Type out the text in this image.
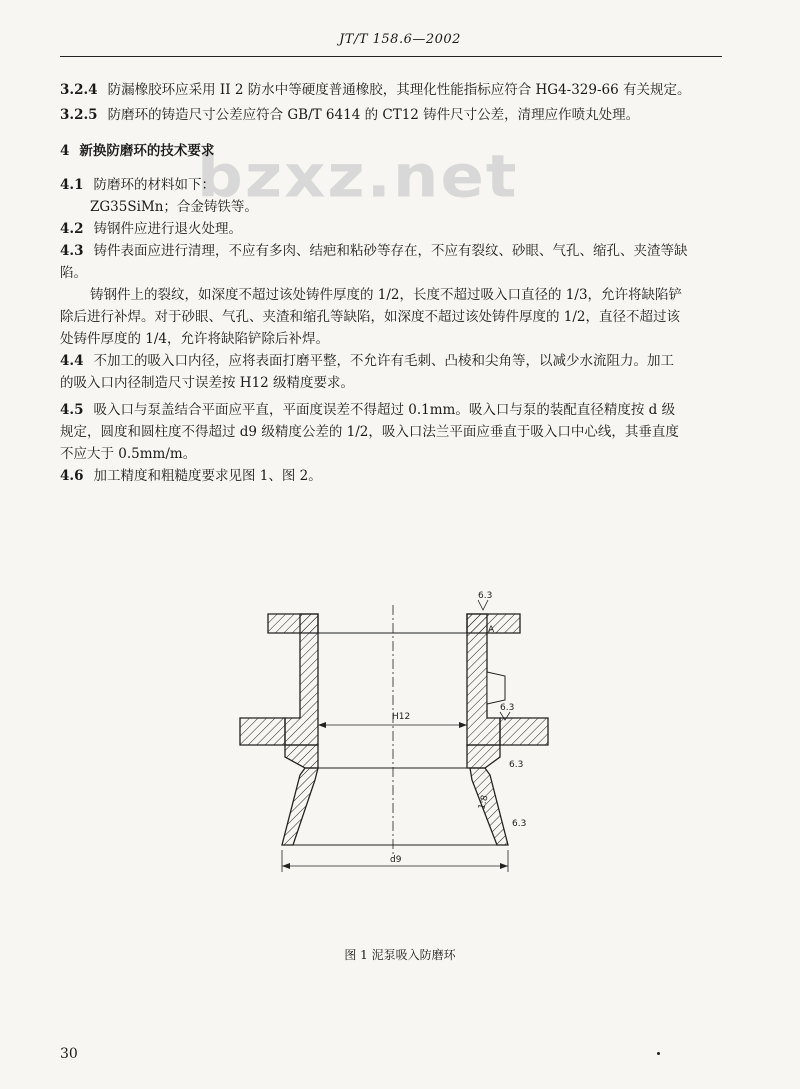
JT/T 158.6—2002
bzxz.net
3.2.4 防漏橡胶环应采用 II 2 防水中等硬度普通橡胶，其理化性能指标应符合 HG4-329-66 有关规定。
3.2.5 防磨环的铸造尺寸公差应符合 GB/T 6414 的 CT12 铸件尺寸公差，清理应作喷丸处理。
4 新换防磨环的技术要求
4.1 防磨环的材料如下：
ZG35SiMn；合金铸铁等。
4.2 铸钢件应进行退火处理。
4.3 铸件表面应进行清理，不应有多肉、结疤和粘砂等存在，不应有裂纹、砂眼、气孔、缩孔、夹渣等缺
陷。
铸钢件上的裂纹，如深度不超过该处铸件厚度的 1/2，长度不超过吸入口直径的 1/3，允许将缺陷铲
除后进行补焊。对于砂眼、气孔、夹渣和缩孔等缺陷，如深度不超过该处铸件厚度的 1/2，直径不超过该
处铸件厚度的 1/4，允许将缺陷铲除后补焊。
4.4 不加工的吸入口内径，应将表面打磨平整，不允许有毛刺、凸棱和尖角等，以减少水流阻力。加工
的吸入口内径制造尺寸误差按 H12 级精度要求。
4.5 吸入口与泵盖结合平面应平直，平面度误差不得超过 0.1mm。吸入口与泵的装配直径精度按 d 级
规定，圆度和圆柱度不得超过 d9 级精度公差的 1/2，吸入口法兰平面应垂直于吸入口中心线，其垂直度
不应大于 0.5mm/m。
4.6 加工精度和粗糙度要求见图 1、图 2。
H12
d9
6.3
A
6.3
6.3
1:8
6.3
图 1 泥泵吸入防磨环
30
